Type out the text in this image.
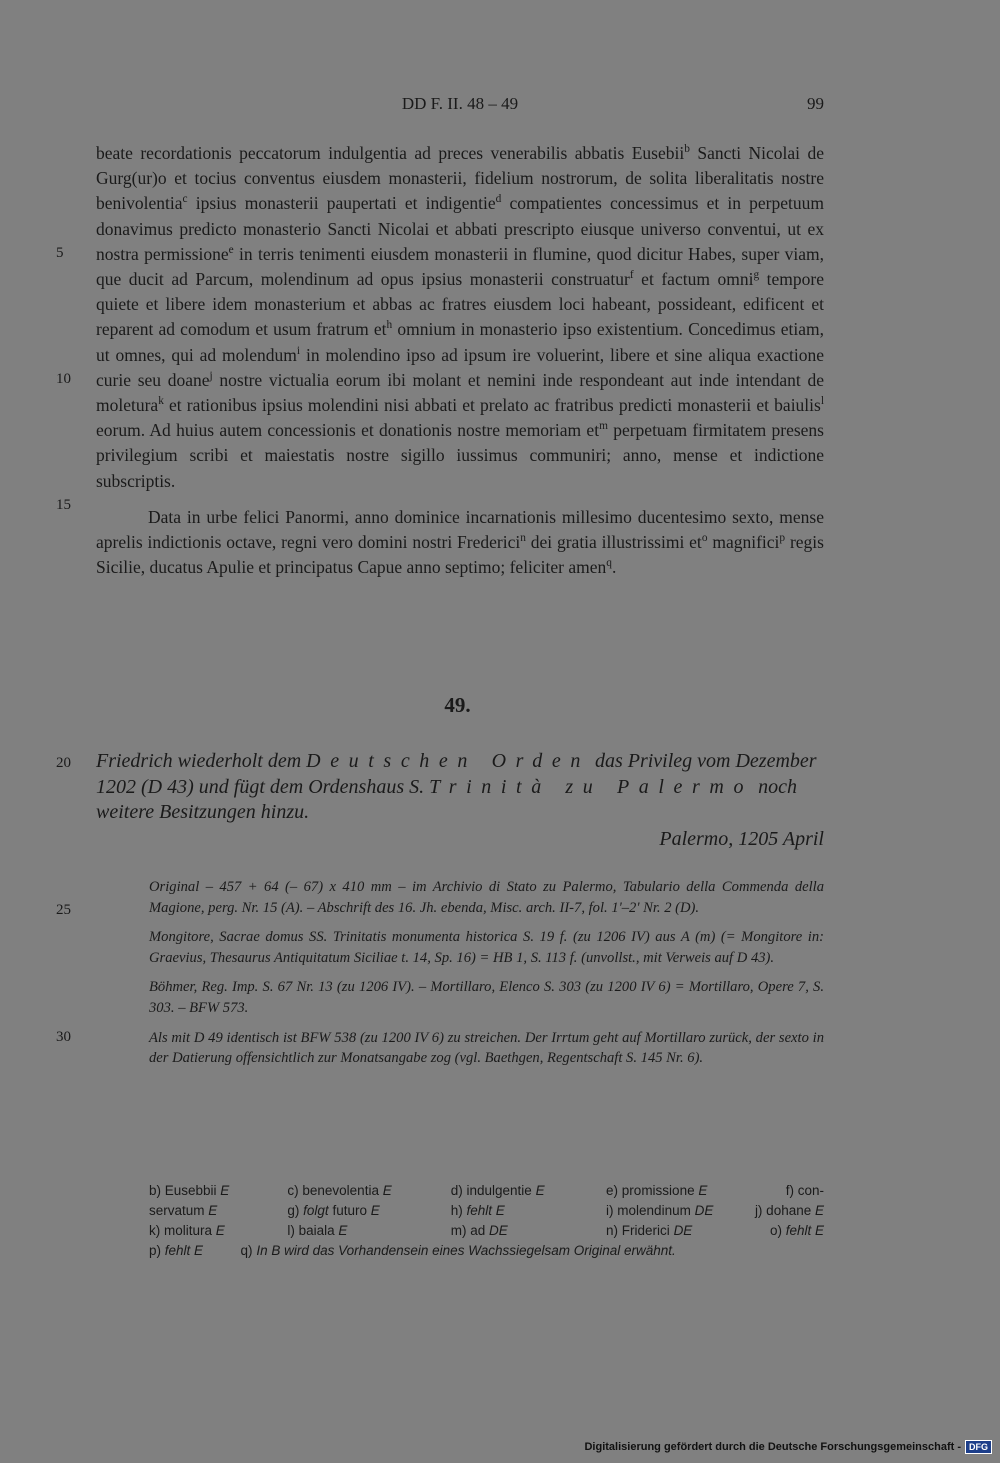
DD F. II. 48 – 49	99
5
10
15
20
25
30

beate recordationis peccatorum indulgentia ad preces venerabilis abbatis Eusebii$^b$ Sancti Nicolai de Gurg(ur)o et tocius conventus eiusdem monasterii, fidelium nostrorum, de solita liberalitatis nostre benivolentia$^c$ ipsius monasterii paupertati et indigentie$^d$ compatientes concessimus et in perpetuum donavimus predicto monasterio Sancti Nicolai et abbati prescripto eiusque universo conventui, ut ex nostra permissione$^e$ in terris tenimenti eiusdem monasterii in flumine, quod dicitur Habes, super viam, que ducit ad Parcum, molendinum ad opus ipsius monasterii construatur$^f$ et factum omni$^g$ tempore quiete et libere idem monasterium et abbas ac fratres eiusdem loci habeant, possideant, edificent et reparent ad comodum et usum fratrum $et^h$ omnium in monasterio ipso existentium. Concedimus etiam, ut omnes, qui ad molendum$^i$ in molendino ipso ad ipsum ire voluerint, libere et sine aliqua exactione curie seu doane$^j$ nostre victualia eorum ibi molant et nemini inde respondeant aut inde intendant de moletura$^k$ et rationibus ipsius molendini nisi abbati et prelato ac fratribus predicti monasterii et baiulis$^l$ eorum. Ad huius autem concessionis et donationis nostre memoriam $et^m$ perpetuam firmitatem presens privilegium scribi et maiestatis nostre sigillo iussimus communiri; anno, mense et indictione subscriptis.

Data in urbe felici Panormi, anno dominice incarnationis millesimo ducentesimo sexto, mense aprelis indictionis octave, regni vero domini nostri Frederici$^n$ dei gratia illustrissimi $et^o$ magnifici$^p$ regis Sicilie, ducatus Apulie et principatus Capue anno septimo; feliciter amen$^q$.

49.
Friedrich wiederholt dem Deutschen Orden das Privileg vom Dezember 1202 (D 43) und fügt dem Ordenshaus S. Trinità zu Palermo noch weitere Besitzungen hinzu.
Palermo, 1205 April

Original – 457 + 64 (– 67) x 410 mm – im Archivio di Stato zu Palermo, Tabulario della Commenda della Magione, perg. Nr. 15 (A). – Abschrift des 16. Jh. ebenda, Misc. arch. II-7, fol. 1'–2' Nr. 2 (D).

Mongitore, Sacrae domus SS. Trinitatis monumenta historica S. 19 f. (zu 1206 IV) aus A (m) (= Mongitore in: Graevius, Thesaurus Antiquitatum Siciliae t. 14, Sp. 16) = HB 1, S. 113 f. (unvollst., mit Verweis auf D 43).

Böhmer, Reg. Imp. S. 67 Nr. 13 (zu 1206 IV). – Mortillaro, Elenco S. 303 (zu 1200 IV 6) = Mortillaro, Opere 7, S. 303. – BFW 573.

Als mit D 49 identisch ist BFW 538 (zu 1200 IV 6) zu streichen. Der Irrtum geht auf Mortillaro zurück, der sexto in der Datierung offensichtlich zur Monatsangabe zog (vgl. Baethgen, Regentschaft S. 145 Nr. 6).

b) Eusebbii E	c) benevolentia E	d) indulgentie E	e) promissione E	f) con-
servatum E	g) folgt futuro E	h) fehlt E	i) molendinum DE	j) dohane E
k) molitura E	l) baiala E	m) ad DE	n) Friderici DE	o) fehlt E
p) fehlt E          q) In B wird das Vorhandensein eines Wachssiegelsam Original erwähnt.
Digitalisierung gefördert durch die Deutsche Forschungsgemeinschaft - DFG
